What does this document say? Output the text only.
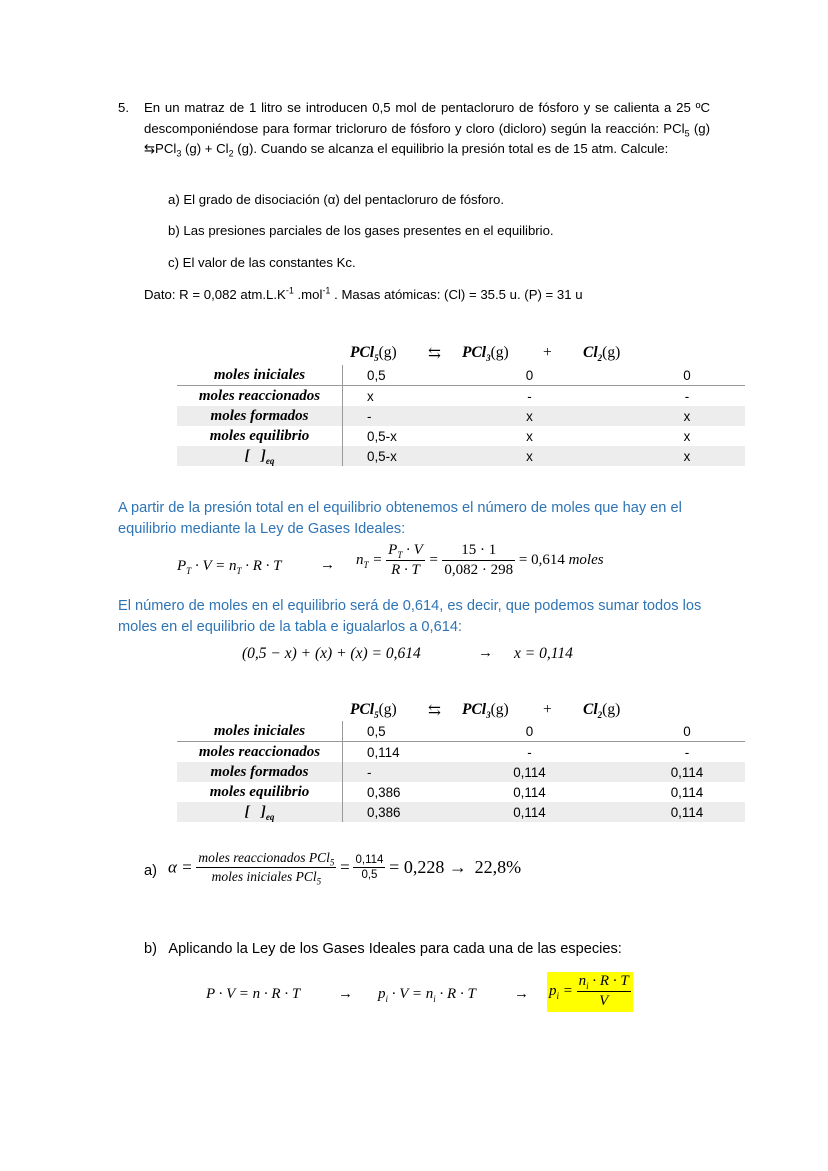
5. En un matraz de 1 litro se introducen 0,5 mol de pentacloruro de fósforo y se calienta a 25 ºC descomponiéndose para formar tricloruro de fósforo y cloro (dicloro) según la reacción: PCl$_5$ (g) ⇆PCl$_3$ $(g) + Cl_2$ (g). Cuando se alcanza el equilibrio la presión total es de 15 atm. Calcule:
a) El grado de disociación (α) del pentacloruro de fósforo.
b) Las presiones parciales de los gases presentes en el equilibrio.
c) El valor de las constantes Kc.
Dato: R = 0,082 $atm.L.K^{-1}$ .mol$^{-1}$ . Masas atómicas: (Cl) = 35.5 u. (P) = 31 u
PCl$_5$(g) ⇆ $PCl_3(g) + Cl_2(g)$
moles iniciales	0,5	0	0
moles reaccionados	x	-	-
moles formados	-	x	x
moles equilibrio	0,5-x	x	x
[   ]$_{eq}$	0,5-x	x	x
A partir de la presión total en el equilibrio obtenemos el número de moles que hay en el equilibrio mediante la Ley de Gases Ideales:
$P_T \cdot V = n_T \cdot R \cdot T$	→ $n_T = \frac{P_T \cdot V}{R \cdot T} = \frac{15 \cdot 1}{0,082 \cdot 298} = 0,614$ moles
El número de moles en el equilibrio será de 0,614, es decir, que podemos sumar todos los moles en el equilibrio de la tabla e igualarlos a 0,614:
(0,5 − x) + (x) + (x) = 0,614	→ x = 0,114
PCl$_5$(g) ⇆ $PCl_3(g) + Cl_2(g)$
moles iniciales	0,5	0	0
moles reaccionados	0,114	-	-
moles formados	-	0,114	0,114
moles equilibrio	0,386	0,114	0,114
[   ]$_{eq}$	0,386	0,114	0,114
a) $\alpha = \frac{moles reaccionados PCl_5}{moles iniciales PCl_5} = \frac{0,114}{0,5} = 0,228 \to 22,8\%$
b)   Aplicando la Ley de los Gases Ideales para cada una de las especies:
P · V = n · R · T	→ $p_i \cdot V = n_i \cdot R \cdot T$	→ $p_i = \frac{n_i \cdot R \cdot T}{V}$
